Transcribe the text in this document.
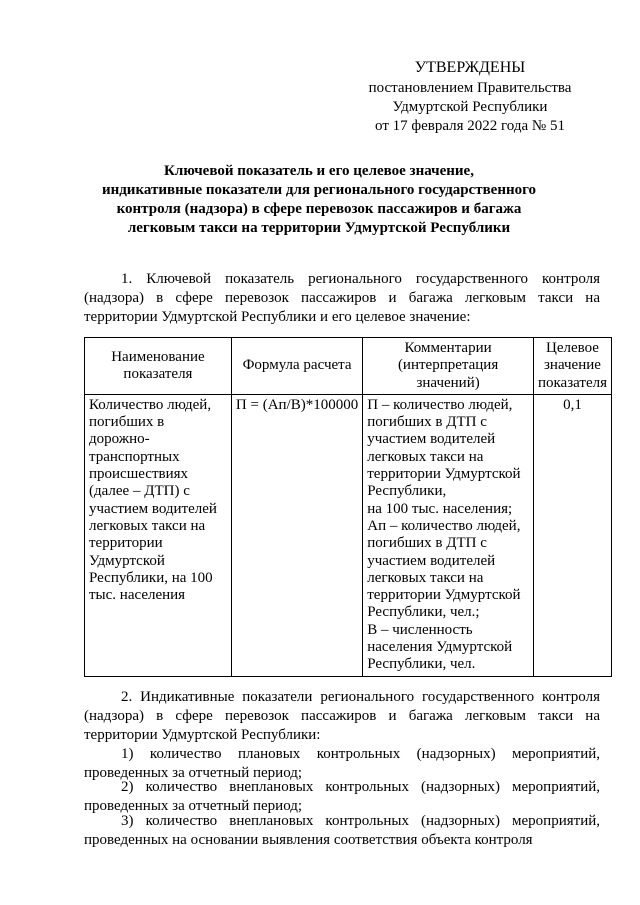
УТВЕРЖДЕНЫ
постановлением Правительства
Удмуртской Республики
от 17 февраля 2022 года № 51
Ключевой показатель и его целевое значение,
индикативные показатели для регионального государственного
контроля (надзора) в сфере перевозок пассажиров и багажа
легковым такси на территории Удмуртской Республики
1. Ключевой показатель регионального государственного контроля (надзора) в сфере перевозок пассажиров и багажа легковым такси на территории Удмуртской Республики и его целевое значение:
Наименование показателя	Формула расчета	Комментарии (интерпретация значений)	Целевое значение показателя
Количество людей, погибших в дорожно-транспортных происшествиях (далее – ДТП) с участием водителей легковых такси на территории Удмуртской Республики, на 100 тыс. населения	П = (Ап/В)*100000	П – количество людей, погибших в ДТП с участием водителей легковых такси на территории Удмуртской Республики,
на 100 тыс. населения;
Ап – количество людей, погибших в ДТП с участием водителей легковых такси на территории Удмуртской Республики, чел.;
В – численность населения Удмуртской Республики, чел.	0,1
2. Индикативные показатели регионального государственного контроля (надзора) в сфере перевозок пассажиров и багажа легковым такси на территории Удмуртской Республики:
1) количество плановых контрольных (надзорных) мероприятий, проведенных за отчетный период;
2) количество внеплановых контрольных (надзорных) мероприятий, проведенных за отчетный период;
3) количество внеплановых контрольных (надзорных) мероприятий, проведенных на основании выявления соответствия объекта контроля
